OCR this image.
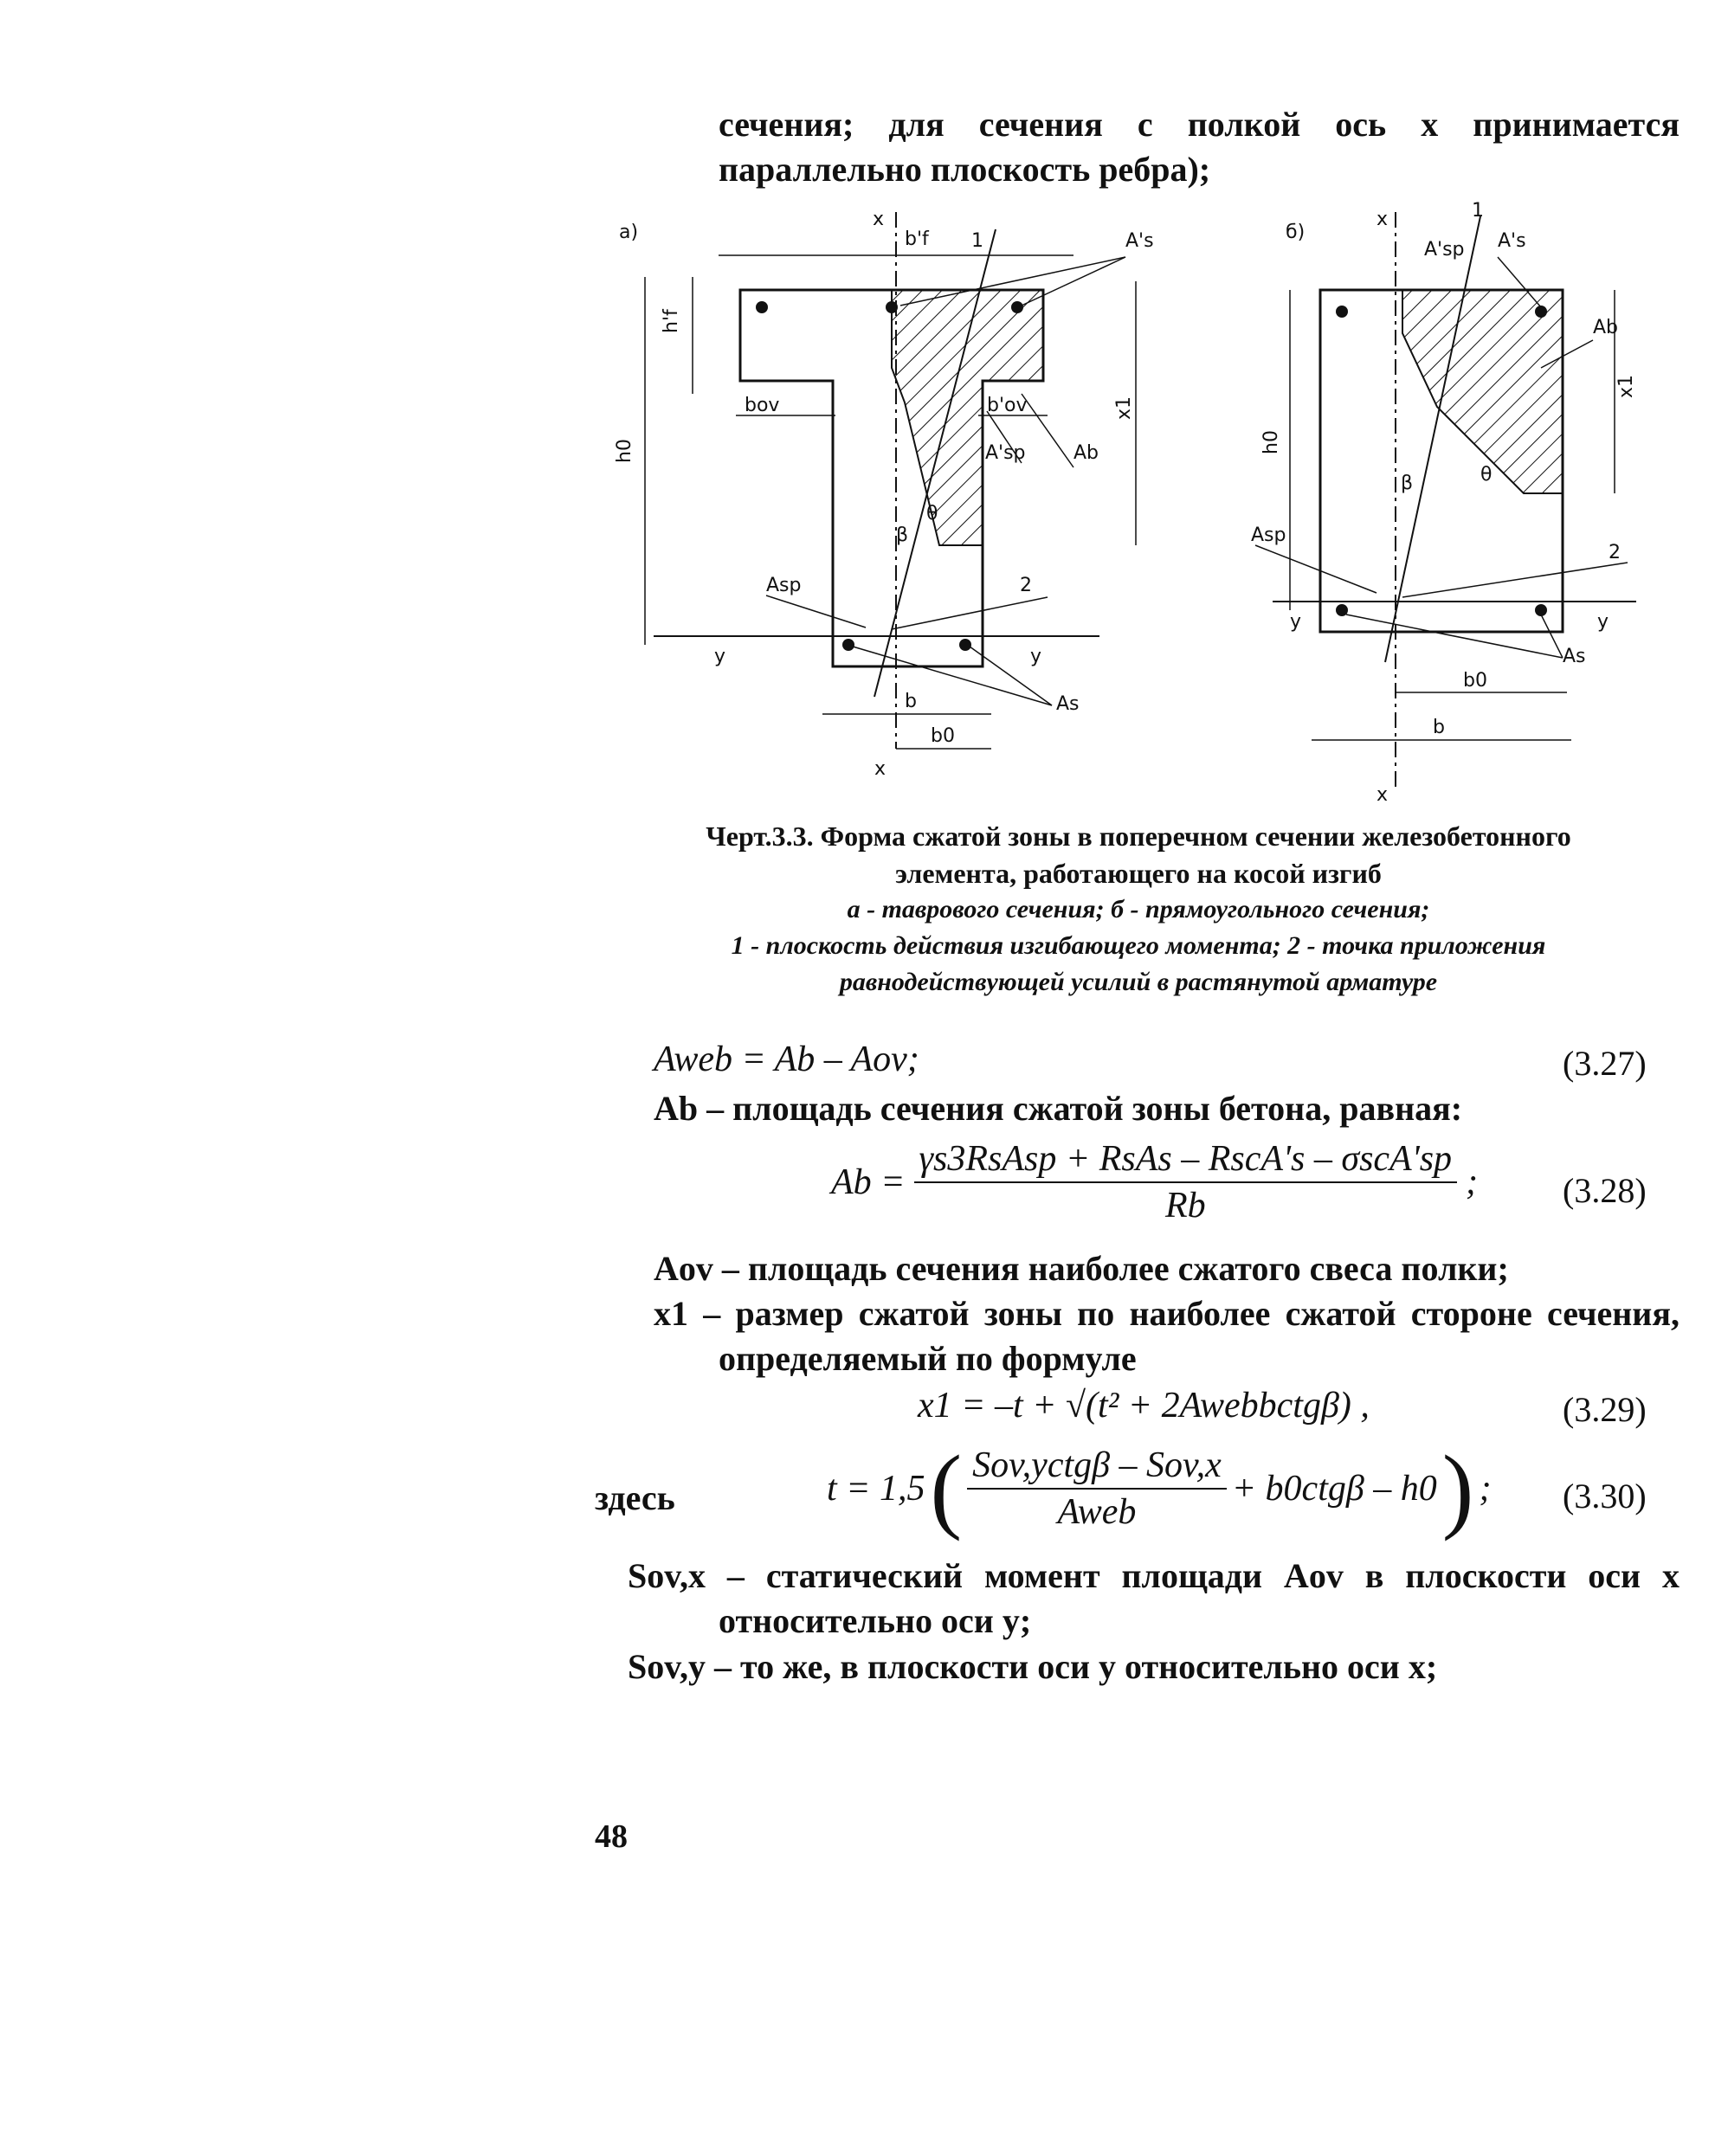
сечения; для сечения с полкой ось x принимается
параллельно плоскость ребра);
а)
x
x
y	y
1
b'f
h'f
h0
x1
bov	b'ov
A'sp	Ab
A's
β
θ
Asp	2
As
b
b0
б)
x
x
y	y
1
A'sp A's
Ab
x1
h0
β	θ
Asp
2
As
b0
b
Черт.3.3. Форма сжатой зоны в поперечном сечении железобетонного
элемента, работающего на косой изгиб
а - таврового сечения; б - прямоугольного сечения;
1 - плоскость действия изгибающего момента; 2 - точка приложения
равнодействующей усилий в растянутой арматуре
Aweb = Ab – Aov;	(3.27)
Ab – площадь сечения сжатой зоны бетона, равная:
$Ab = \frac{\text{γs3RsAsp + RsAs – RscA's – σscA'sp}}{Rb}$ ; (3.28)
Aov – площадь сечения наиболее сжатого свеса полки;
x1 – размер сжатой зоны по наиболее сжатой стороне сечения,
определяемый по формуле
x1 = –t + √(t² + 2Awebbctgβ) ,	(3.29)
здесь	t = 1,5 ( $\frac{\text{Sov,yctgβ – Sov,x}}{\text{Aweb}} + b0ctg\beta - h0$ ) ; (3.30)
Sov,x – статический момент площади Aov в плоскости оси x
относительно оси y;
Sov,y – то же, в плоскости оси y относительно оси x;
48
